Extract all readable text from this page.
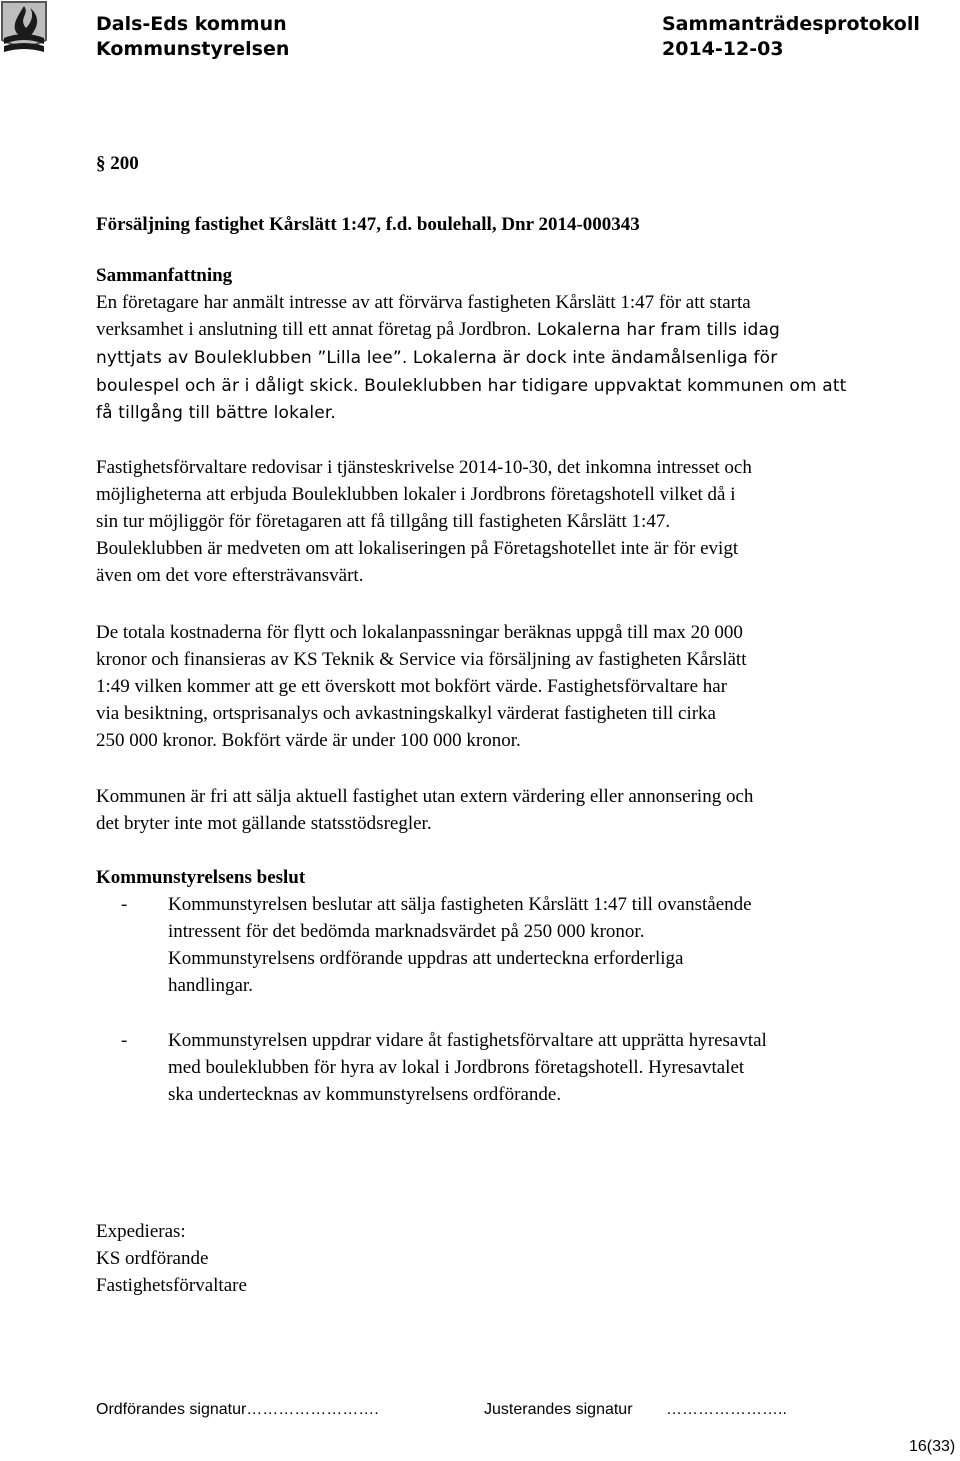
Dals-Eds kommun
Kommunstyrelsen
Sammanträdesprotokoll
2014-12-03
§ 200
Försäljning fastighet Kårslätt 1:47, f.d. boulehall, Dnr 2014-000343
Sammanfattning
En företagare har anmält intresse av att förvärva fastigheten Kårslätt 1:47 för att starta
verksamhet i anslutning till ett annat företag på Jordbron. Lokalerna har fram tills idag
nyttjats av Bouleklubben ”Lilla lee”. Lokalerna är dock inte ändamålsenliga för
boulespel och är i dåligt skick. Bouleklubben har tidigare uppvaktat kommunen om att
få tillgång till bättre lokaler.
Fastighetsförvaltare redovisar i tjänsteskrivelse 2014-10-30, det inkomna intresset och
möjligheterna att erbjuda Bouleklubben lokaler i Jordbrons företagshotell vilket då i
sin tur möjliggör för företagaren att få tillgång till fastigheten Kårslätt 1:47.
Bouleklubben är medveten om att lokaliseringen på Företagshotellet inte är för evigt
även om det vore eftersträvansvärt.
De totala kostnaderna för flytt och lokalanpassningar beräknas uppgå till max 20 000
kronor och finansieras av KS Teknik & Service via försäljning av fastigheten Kårslätt
1:49 vilken kommer att ge ett överskott mot bokfört värde. Fastighetsförvaltare har
via besiktning, ortsprisanalys och avkastningskalkyl värderat fastigheten till cirka
250 000 kronor. Bokfört värde är under 100 000 kronor.
Kommunen är fri att sälja aktuell fastighet utan extern värdering eller annonsering och
det bryter inte mot gällande statsstödsregler.
Kommunstyrelsens beslut
- Kommunstyrelsen beslutar att sälja fastigheten Kårslätt 1:47 till ovanstående
intressent för det bedömda marknadsvärdet på 250 000 kronor.
Kommunstyrelsens ordförande uppdras att underteckna erforderliga
handlingar.
- Kommunstyrelsen uppdrar vidare åt fastighetsförvaltare att upprätta hyresavtal
med bouleklubben för hyra av lokal i Jordbrons företagshotell. Hyresavtalet
ska undertecknas av kommunstyrelsens ordförande.
Expedieras:
KS ordförande
Fastighetsförvaltare
Ordförandes signatur…………………….	Justerandes signatur …………………..
16(33)
